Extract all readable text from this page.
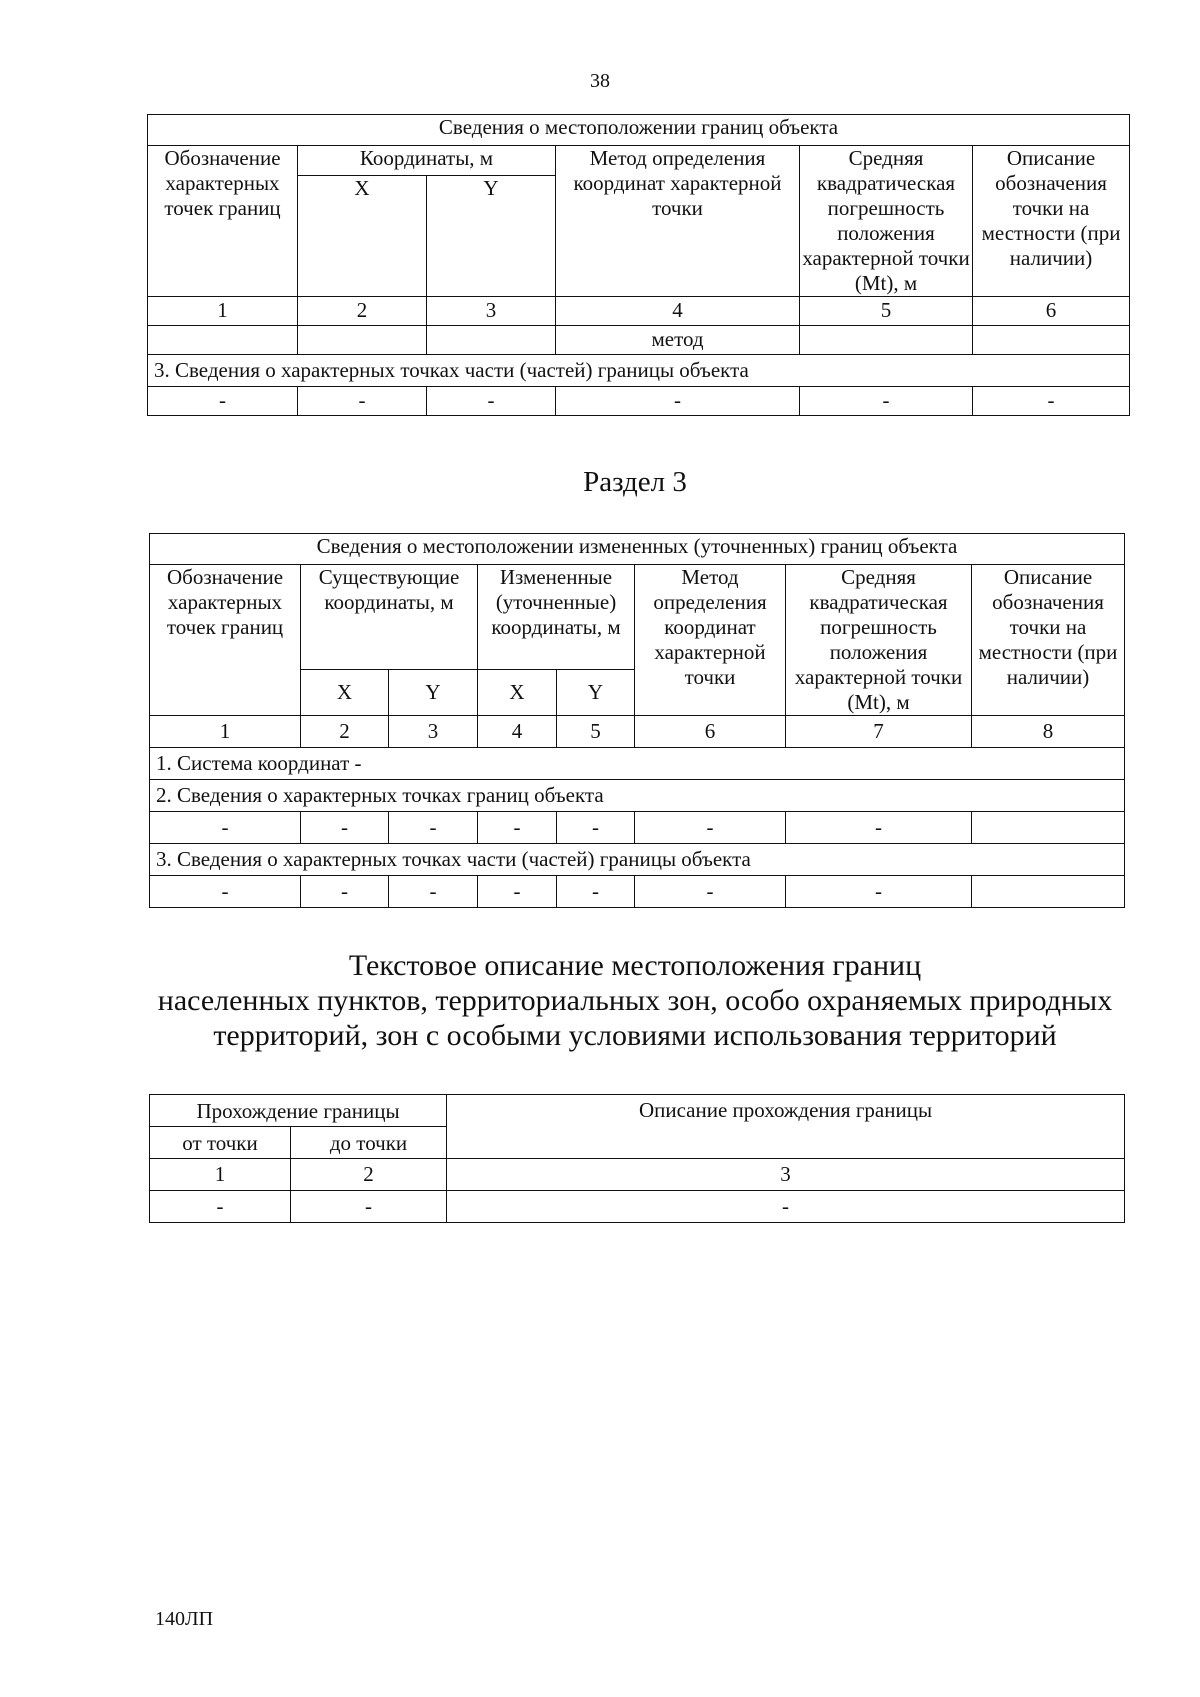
38
Сведения о местоположении границ объекта					
Обозначение характерных точек границ	Координаты, м		Метод определения координат характерной точки	Средняя квадратическая погрешность положения характерной точки (Mt), м	Описание обозначения точки на местности (при наличии)
	X	Y			
1	2	3	4	5	6
			метод		
3. Сведения о характерных точках части (частей) границы объекта					
-	-	-	-	-	-
Раздел 3
Сведения о местоположении измененных (уточненных) границ объекта							
Обозначение характерных точек границ	Существующие координаты, м		Измененные (уточненные) координаты, м		Метод определения координат характерной точки	Средняя квадратическая погрешность положения характерной точки (Mt), м	Описание обозначения точки на местности (при наличии)
	X	Y	X	Y			
1	2	3	4	5	6	7	8
1. Система координат -							
2. Сведения о характерных точках границ объекта							
-	-	-	-	-	-	-	
3. Сведения о характерных точках части (частей) границы объекта							
-	-	-	-	-	-	-	
Текстовое описание местоположения границ
населенных пунктов, территориальных зон, особо охраняемых природных
территорий, зон с особыми условиями использования территорий
Прохождение границы		Описание прохождения границы
от точки	до точки	
1	2	3
-	-	-
140ЛП
